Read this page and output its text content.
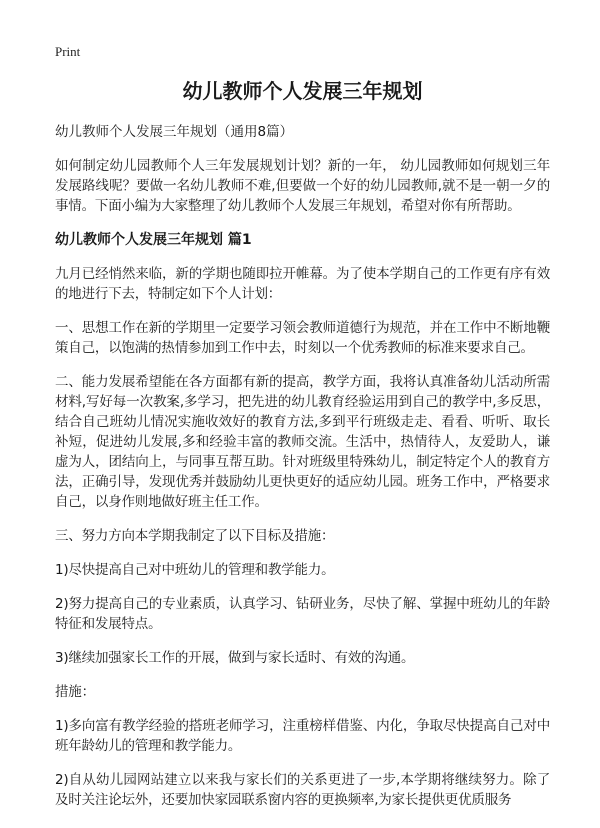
Print
幼儿教师个人发展三年规划
幼儿教师个人发展三年规划（通用8篇）

如何制定幼儿园教师个人三年发展规划计划？新的一年， 幼儿园教师如何规划三年发展路线呢？要做一名幼儿教师不难,但要做一个好的幼儿园教师,就不是一朝一夕的事情。下面小编为大家整理了幼儿教师个人发展三年规划，希望对你有所帮助。

幼儿教师个人发展三年规划 篇1

九月已经悄然来临，新的学期也随即拉开帷幕。为了使本学期自己的工作更有序有效的地进行下去，特制定如下个人计划：

一、思想工作在新的学期里一定要学习领会教师道德行为规范，并在工作中不断地鞭策自己，以饱满的热情参加到工作中去，时刻以一个优秀教师的标准来要求自己。

二、能力发展希望能在各方面都有新的提高，教学方面，我将认真准备幼儿活动所需材料,写好每一次教案,多学习，把先进的幼儿教育经验运用到自己的教学中,多反思，结合自己班幼儿情况实施收效好的教育方法,多到平行班级走走、看看、听听、取长补短，促进幼儿发展,多和经验丰富的教师交流。生活中，热情待人，友爱助人，谦虚为人，团结向上，与同事互帮互助。针对班级里特殊幼儿，制定特定个人的教育方法，正确引导，发现优秀并鼓励幼儿更快更好的适应幼儿园。班务工作中，严格要求自己，以身作则地做好班主任工作。

三、努力方向本学期我制定了以下目标及措施：

1)尽快提高自己对中班幼儿的管理和教学能力。

2)努力提高自己的专业素质，认真学习、钻研业务，尽快了解、掌握中班幼儿的年龄特征和发展特点。

3)继续加强家长工作的开展，做到与家长适时、有效的沟通。

措施：

1)多向富有教学经验的搭班老师学习，注重榜样借鉴、内化，争取尽快提高自己对中班年龄幼儿的管理和教学能力。

2)自从幼儿园网站建立以来我与家长们的关系更进了一步,本学期将继续努力。除了及时关注论坛外，还要加快家园联系窗内容的更换频率,为家长提供更优质服务
